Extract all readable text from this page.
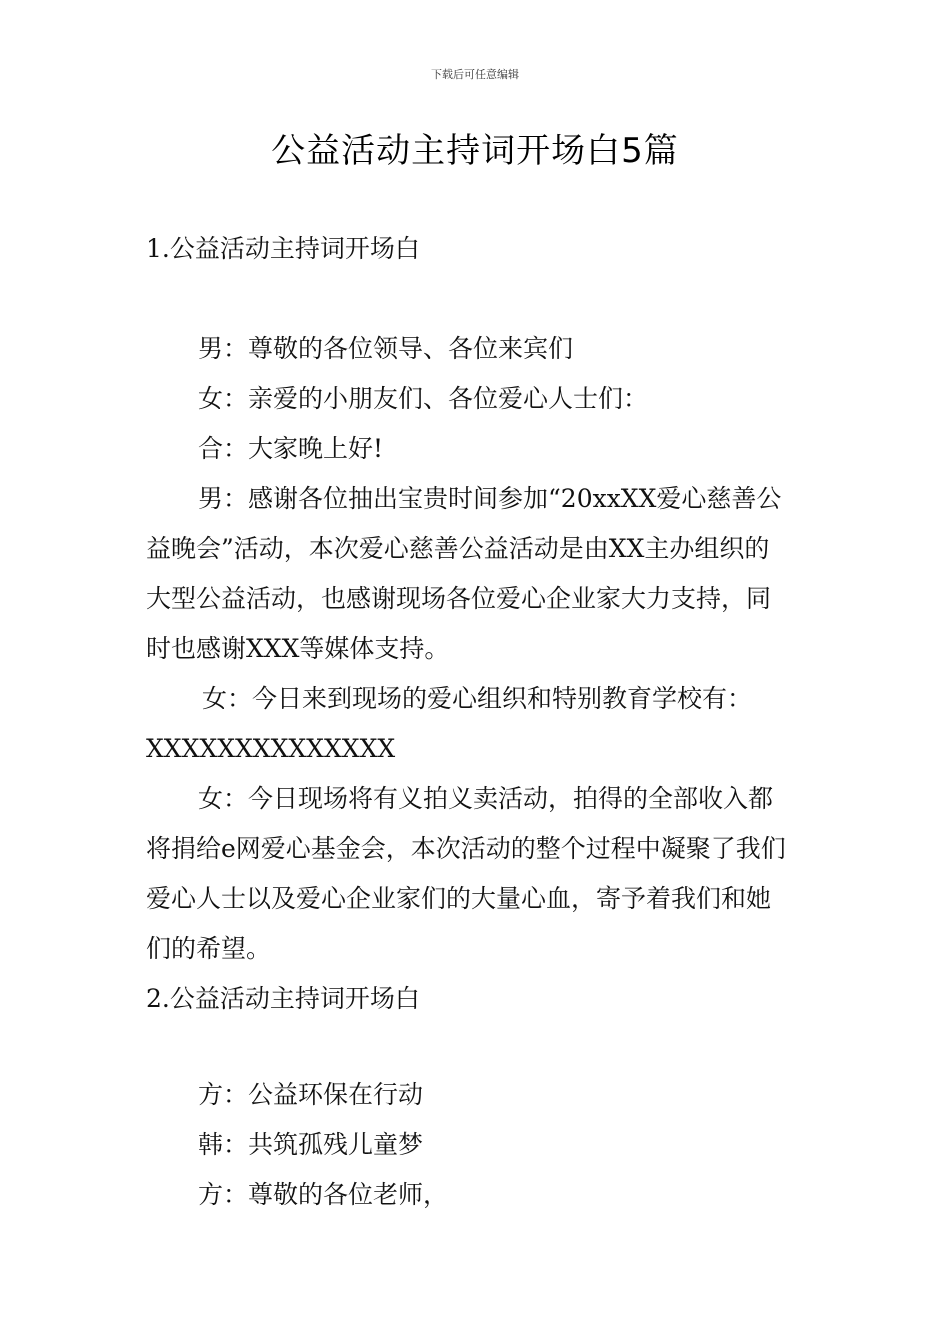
下载后可任意编辑
公益活动主持词开场白5篇
1.公益活动主持词开场白
男：尊敬的各位领导、各位来宾们
女：亲爱的小朋友们、各位爱心人士们：
合：大家晚上好!
男：感谢各位抽出宝贵时间参加“20xxXX爱心慈善公
益晚会”活动，本次爱心慈善公益活动是由XX主办组织的
大型公益活动，也感谢现场各位爱心企业家大力支持，同
时也感谢XXX等媒体支持。
女：今日来到现场的爱心组织和特别教育学校有：
XXXXXXXXXXXXXX
女：今日现场将有义拍义卖活动，拍得的全部收入都
将捐给e网爱心基金会，本次活动的整个过程中凝聚了我们
爱心人士以及爱心企业家们的大量心血，寄予着我们和她
们的希望。
2.公益活动主持词开场白
方：公益环保在行动
韩：共筑孤残儿童梦
方：尊敬的各位老师，
